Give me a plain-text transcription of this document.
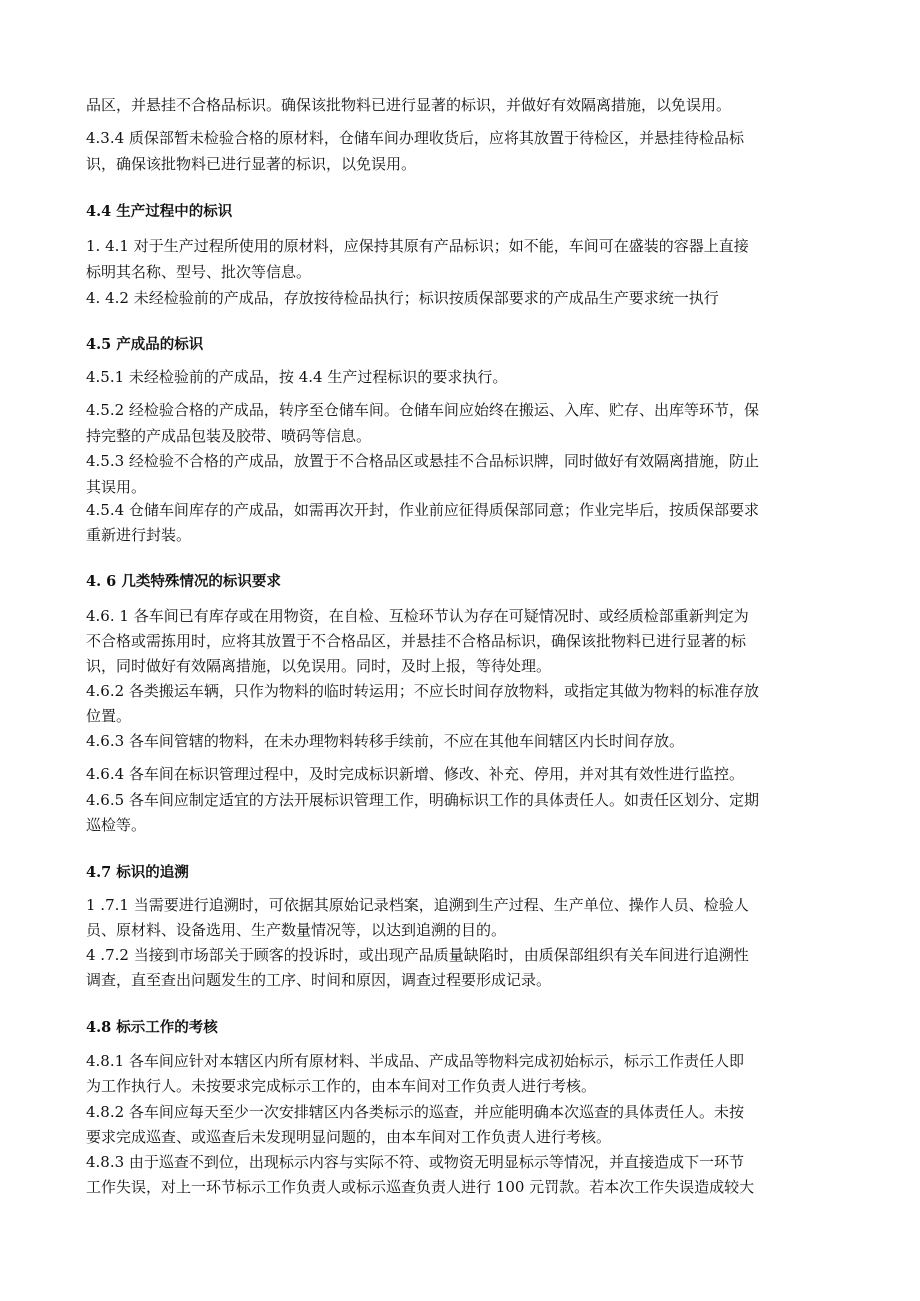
品区，并悬挂不合格品标识。确保该批物料已进行显著的标识，并做好有效隔离措施，以免误用。
4.3.4 质保部暂未检验合格的原材料，仓储车间办理收货后，应将其放置于待检区，并悬挂待检品标
识，确保该批物料已进行显著的标识，以免误用。
4.4 生产过程中的标识
1. 4.1 对于生产过程所使用的原材料，应保持其原有产品标识；如不能，车间可在盛装的容器上直接
标明其名称、型号、批次等信息。
4. 4.2 未经检验前的产成品，存放按待检品执行；标识按质保部要求的产成品生产要求统一执行
4.5 产成品的标识
4.5.1 未经检验前的产成品，按 4.4 生产过程标识的要求执行。
4.5.2 经检验合格的产成品，转序至仓储车间。仓储车间应始终在搬运、入库、贮存、出库等环节，保
持完整的产成品包装及胶带、喷码等信息。
4.5.3 经检验不合格的产成品，放置于不合格品区或悬挂不合品标识牌，同时做好有效隔离措施，防止
其误用。
4.5.4 仓储车间库存的产成品，如需再次开封，作业前应征得质保部同意；作业完毕后，按质保部要求
重新进行封装。
4. 6 几类特殊情况的标识要求
4.6. 1 各车间已有库存或在用物资，在自检、互检环节认为存在可疑情况时、或经质检部重新判定为
不合格或需拣用时，应将其放置于不合格品区，并悬挂不合格品标识，确保该批物料已进行显著的标
识，同时做好有效隔离措施，以免误用。同时，及时上报，等待处理。
4.6.2 各类搬运车辆，只作为物料的临时转运用；不应长时间存放物料，或指定其做为物料的标准存放
位置。
4.6.3 各车间管辖的物料，在未办理物料转移手续前，不应在其他车间辖区内长时间存放。
4.6.4 各车间在标识管理过程中，及时完成标识新增、修改、补充、停用，并对其有效性进行监控。
4.6.5 各车间应制定适宜的方法开展标识管理工作，明确标识工作的具体责任人。如责任区划分、定期
巡检等。
4.7 标识的追溯
1 .7.1 当需要进行追溯时，可依据其原始记录档案，追溯到生产过程、生产单位、操作人员、检验人
员、原材料、设备选用、生产数量情况等，以达到追溯的目的。
4 .7.2 当接到市场部关于顾客的投诉时，或出现产品质量缺陷时，由质保部组织有关车间进行追溯性
调查，直至查出问题发生的工序、时间和原因，调查过程要形成记录。
4.8 标示工作的考核
4.8.1 各车间应针对本辖区内所有原材料、半成品、产成品等物料完成初始标示，标示工作责任人即
为工作执行人。未按要求完成标示工作的，由本车间对工作负责人进行考核。
4.8.2 各车间应每天至少一次安排辖区内各类标示的巡查，并应能明确本次巡查的具体责任人。未按
要求完成巡查、或巡查后未发现明显问题的，由本车间对工作负责人进行考核。
4.8.3 由于巡查不到位，出现标示内容与实际不符、或物资无明显标示等情况，并直接造成下一环节
工作失误，对上一环节标示工作负责人或标示巡查负责人进行 100 元罚款。若本次工作失误造成较大
